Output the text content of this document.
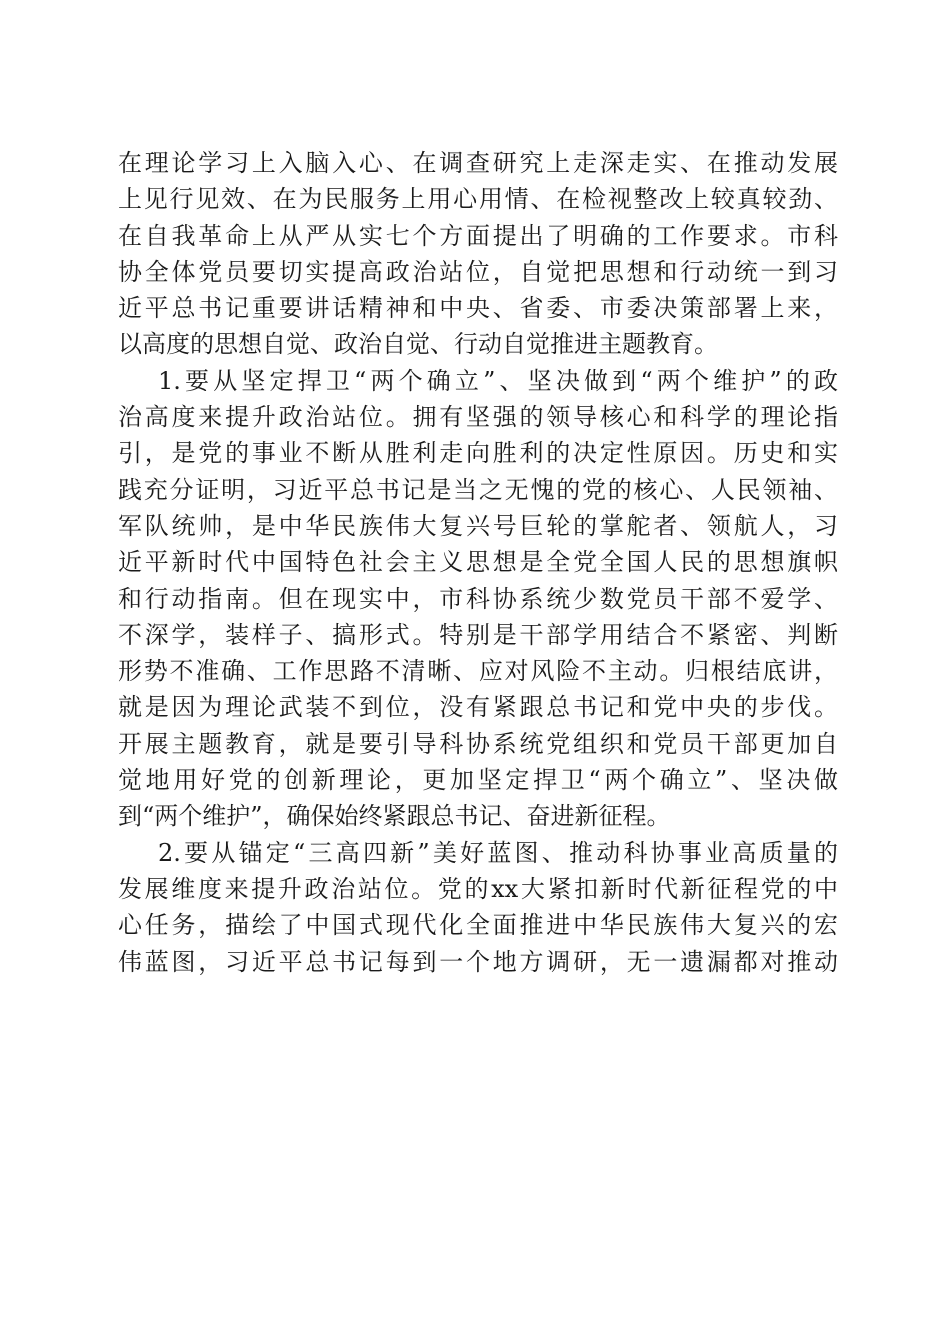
在理论学习上入脑入心、在调查研究上走深走实、在推动发展
上见行见效、在为民服务上用心用情、在检视整改上较真较劲、
在自我革命上从严从实七个方面提出了明确的工作要求。市科
协全体党员要切实提高政治站位，自觉把思想和行动统一到习
近平总书记重要讲话精神和中央、省委、市委决策部署上来，
以高度的思想自觉、政治自觉、行动自觉推进主题教育。
1.要从坚定捍卫“两个确立”、坚决做到“两个维护”的政
治高度来提升政治站位。拥有坚强的领导核心和科学的理论指
引，是党的事业不断从胜利走向胜利的决定性原因。历史和实
践充分证明，习近平总书记是当之无愧的党的核心、人民领袖、
军队统帅，是中华民族伟大复兴号巨轮的掌舵者、领航人，习
近平新时代中国特色社会主义思想是全党全国人民的思想旗帜
和行动指南。但在现实中，市科协系统少数党员干部不爱学、
不深学，装样子、搞形式。特别是干部学用结合不紧密、判断
形势不准确、工作思路不清晰、应对风险不主动。归根结底讲，
就是因为理论武装不到位，没有紧跟总书记和党中央的步伐。
开展主题教育，就是要引导科协系统党组织和党员干部更加自
觉地用好党的创新理论，更加坚定捍卫“两个确立”、坚决做
到“两个维护”，确保始终紧跟总书记、奋进新征程。
2.要从锚定“三高四新”美好蓝图、推动科协事业高质量的
发展维度来提升政治站位。党的xx大紧扣新时代新征程党的中
心任务，描绘了中国式现代化全面推进中华民族伟大复兴的宏
伟蓝图，习近平总书记每到一个地方调研，无一遗漏都对推动
